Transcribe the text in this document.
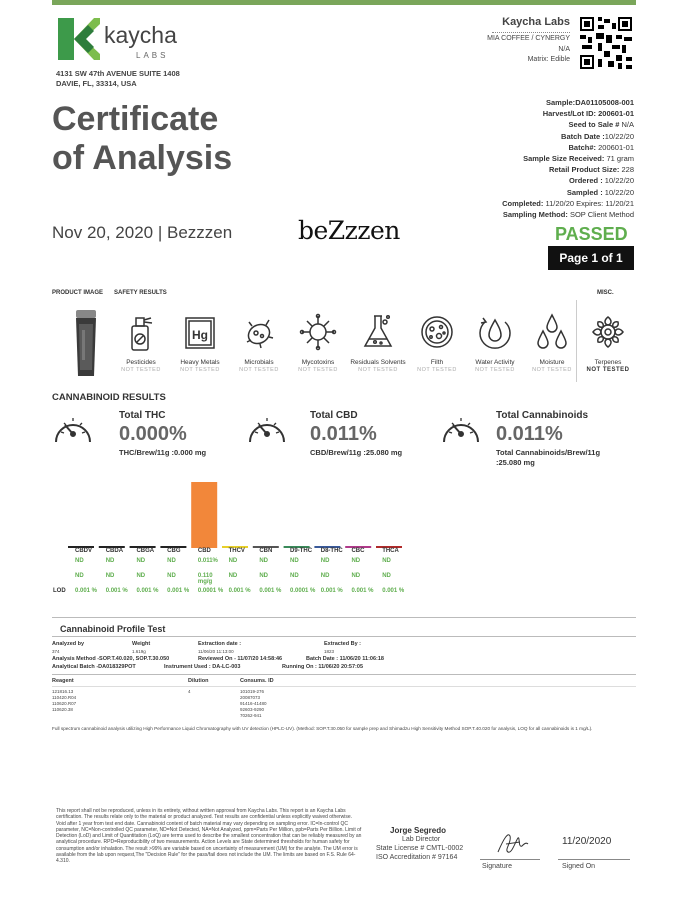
kaycha
LABS
4131 SW 47th AVENUE SUITE 1408
DAVIE, FL, 33314, USA
Kaycha Labs
MIA COFFEE / CYNERGY
N/A
Matrix: Edible
Sample:DA01105008-001
Harvest/Lot ID: 200601-01
Seed to Sale # N/A
Batch Date :10/22/20
Batch#: 200601-01
Sample Size Received: 71 gram
Retail Product Size: 228
Ordered : 10/22/20
Sampled : 10/22/20
Completed: 11/20/20 Expires: 11/20/21
Sampling Method: SOP Client Method
Certificate
of Analysis
Nov 20, 2020 | Bezzzen	beZzzen	PASSED
Page 1 of 1
PRODUCT IMAGE SAFETY RESULTS	MISC.
Pesticides
NOT TESTED
Hg
Heavy Metals
NOT TESTED
Microbials
NOT TESTED
Mycotoxins
NOT TESTED
Residuals Solvents
NOT TESTED
Filth
NOT TESTED
Water Activity
NOT TESTED
Moisture
NOT TESTED
Terpenes
NOT TESTED
CANNABINOID RESULTS
Total THC
0.000%
THC/Brew/11g :0.000 mg
Total CBD
0.011%
CBD/Brew/11g :25.080 mg
Total Cannabinoids
0.011%
Total Cannabinoids/Brew/11g
:25.080 mg
	CBDV	CBDA	CBGA	CBG	CBD	THCV	CBN	D9-THC	D8-THC	CBC	THCA

	ND	ND	ND	ND	0.011%	ND	ND	ND	ND	ND	ND
	ND	ND	ND	ND	0.110 mg/g	ND	ND	ND	ND	ND	ND
LOD	0.001 %	0.001 %	0.001 %	0.001 %	0.0001 %	0.001 %	0.001 %	0.0001 %	0.001 %	0.001 %	0.001 %
Cannabinoid Profile Test
Analyzed by
374
Weight
1.619g
Extraction date :
11/06/20 11:13:00
Extracted By :
1823
Analysis Method -SOP.T.40.020, SOP.T.30.050	Reviewed On - 11/07/20 14:58:46	Batch Date : 11/06/20 11:06:18
Analytical Batch -DA018329POT	Instrument Used : DA-LC-003	Running On : 11/06/20 20:57:05
Reagent	Dilution	Consums. ID
121816.13
110420.R04
110620.R07
110620.38
4	101019-276
20087073
91416-41480
92603-9290
70262-941
Full spectrum cannabinoid analysis utilizing High Performance Liquid Chromatography with UV detection (HPLC-UV). (Method: SOP.T.30.050 for sample prep and Shimadzu High Sensitivity Method SOP.T.40.020 for analysis, LOQ for all cannabinoids is 1 mg/L).
This report shall not be reproduced, unless in its entirety, without written approval from Kaycha Labs. This report is an Kaycha Labs certification. The results relate only to the material or product analyzed. Test results are confidential unless explicitly waived otherwise. Void after 1 year from test end date. Cannabinoid content of batch material may vary depending on sampling error. IC=In-control QC parameter, NC=Non-controlled QC parameter, ND=Not Detected, NA=Not Analyzed, ppm=Parts Per Million, ppb=Parts Per Billion. Limit of Detection (LoD) and Limit of Quantitation (LoQ) are terms used to describe the smallest concentration that can be reliably measured by an analytical procedure. RPD=Reproducibility of two measurements. Action Levels are State determined thresholds for human safety for consumption and/or inhalation. The result >99% are variable based on uncertainty of measurement (UM) for the analyte. The UM error is available from the lab upon request,The "Decision Rule" for the pass/fail does not include the UM. The limits are based on F.S. Rule 64-4.310.
Jorge Segredo
Lab Director
State License # CMTL-0002
ISO Accreditation # 97164
Signature
11/20/2020
Signed On
